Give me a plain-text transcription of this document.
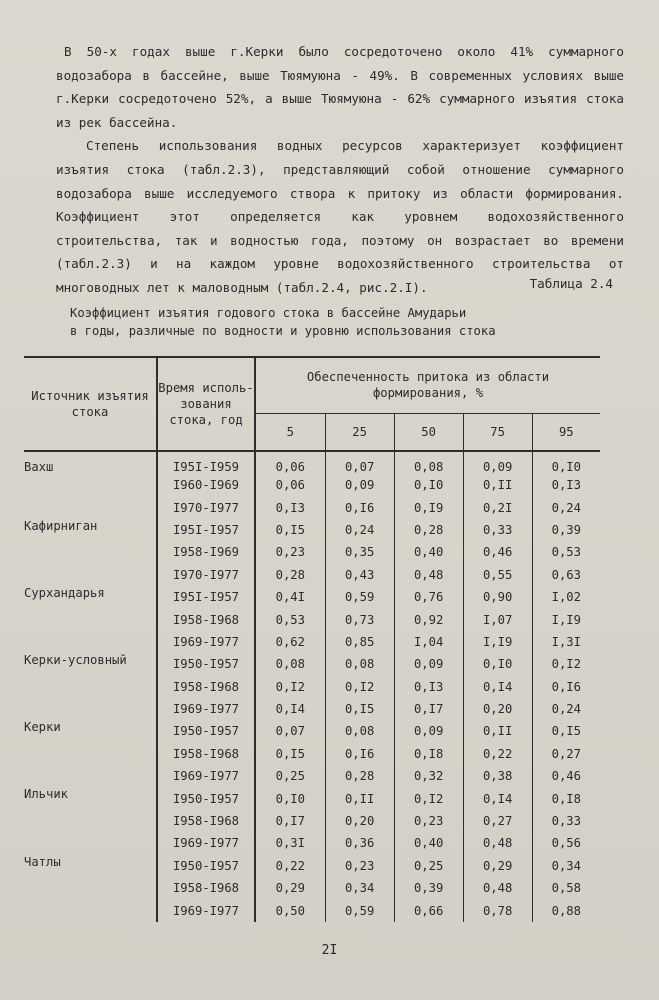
В 50-х годах выше г.Керки было сосредоточено около 41% суммарного водозабора в бассейне, выше Тюямуюна - 49%. В современных условиях выше г.Керки сосредоточено 52%, а выше Тюямуюна - 62% суммарного изъятия стока из рек бассейна.

Степень использования водных ресурсов характеризует коэффициент изъятия стока (табл.2.3), представляющий собой отношение суммарного водозабора выше исследуемого створа к притоку из области формирования. Коэффициент этот определяется как уровнем водохозяйственного строительства, так и водностью года, поэтому он возрастает во времени (табл.2.3) и на каждом уровне водохозяйственного строительства от многоводных лет к маловодным (табл.2.4, рис.2.I).	Таблица 2.4
Коэффициент изъятия годового стока в бассейне Амударьи
в годы, различные по водности и уровню использования стока
Источник изъятия стока	Время исполь- зования стока, год	Обеспеченность притока из области формирования, %				
		5	25	50	75	95
Вахш	I95I-I959	0,06	0,07	0,08	0,09	0,I0
	I960-I969	0,06	0,09	0,I0	0,II	0,I3
	I970-I977	0,I3	0,I6	0,I9	0,2I	0,24
Кафирниган	I95I-I957	0,I5	0,24	0,28	0,33	0,39
	I958-I969	0,23	0,35	0,40	0,46	0,53
	I970-I977	0,28	0,43	0,48	0,55	0,63
Сурхандарья	I95I-I957	0,4I	0,59	0,76	0,90	I,02
	I958-I968	0,53	0,73	0,92	I,07	I,I9
	I969-I977	0,62	0,85	I,04	I,I9	I,3I
Керки-условный	I950-I957	0,08	0,08	0,09	0,I0	0,I2
	I958-I968	0,I2	0,I2	0,I3	0,I4	0,I6
	I969-I977	0,I4	0,I5	0,I7	0,20	0,24
Керки	I950-I957	0,07	0,08	0,09	0,II	0,I5
	I958-I968	0,I5	0,I6	0,I8	0,22	0,27
	I969-I977	0,25	0,28	0,32	0,38	0,46
Ильчик	I950-I957	0,I0	0,II	0,I2	0,I4	0,I8
	I958-I968	0,I7	0,20	0,23	0,27	0,33
	I969-I977	0,3I	0,36	0,40	0,48	0,56
Чатлы	I950-I957	0,22	0,23	0,25	0,29	0,34
	I958-I968	0,29	0,34	0,39	0,48	0,58
	I969-I977	0,50	0,59	0,66	0,78	0,88
2I
